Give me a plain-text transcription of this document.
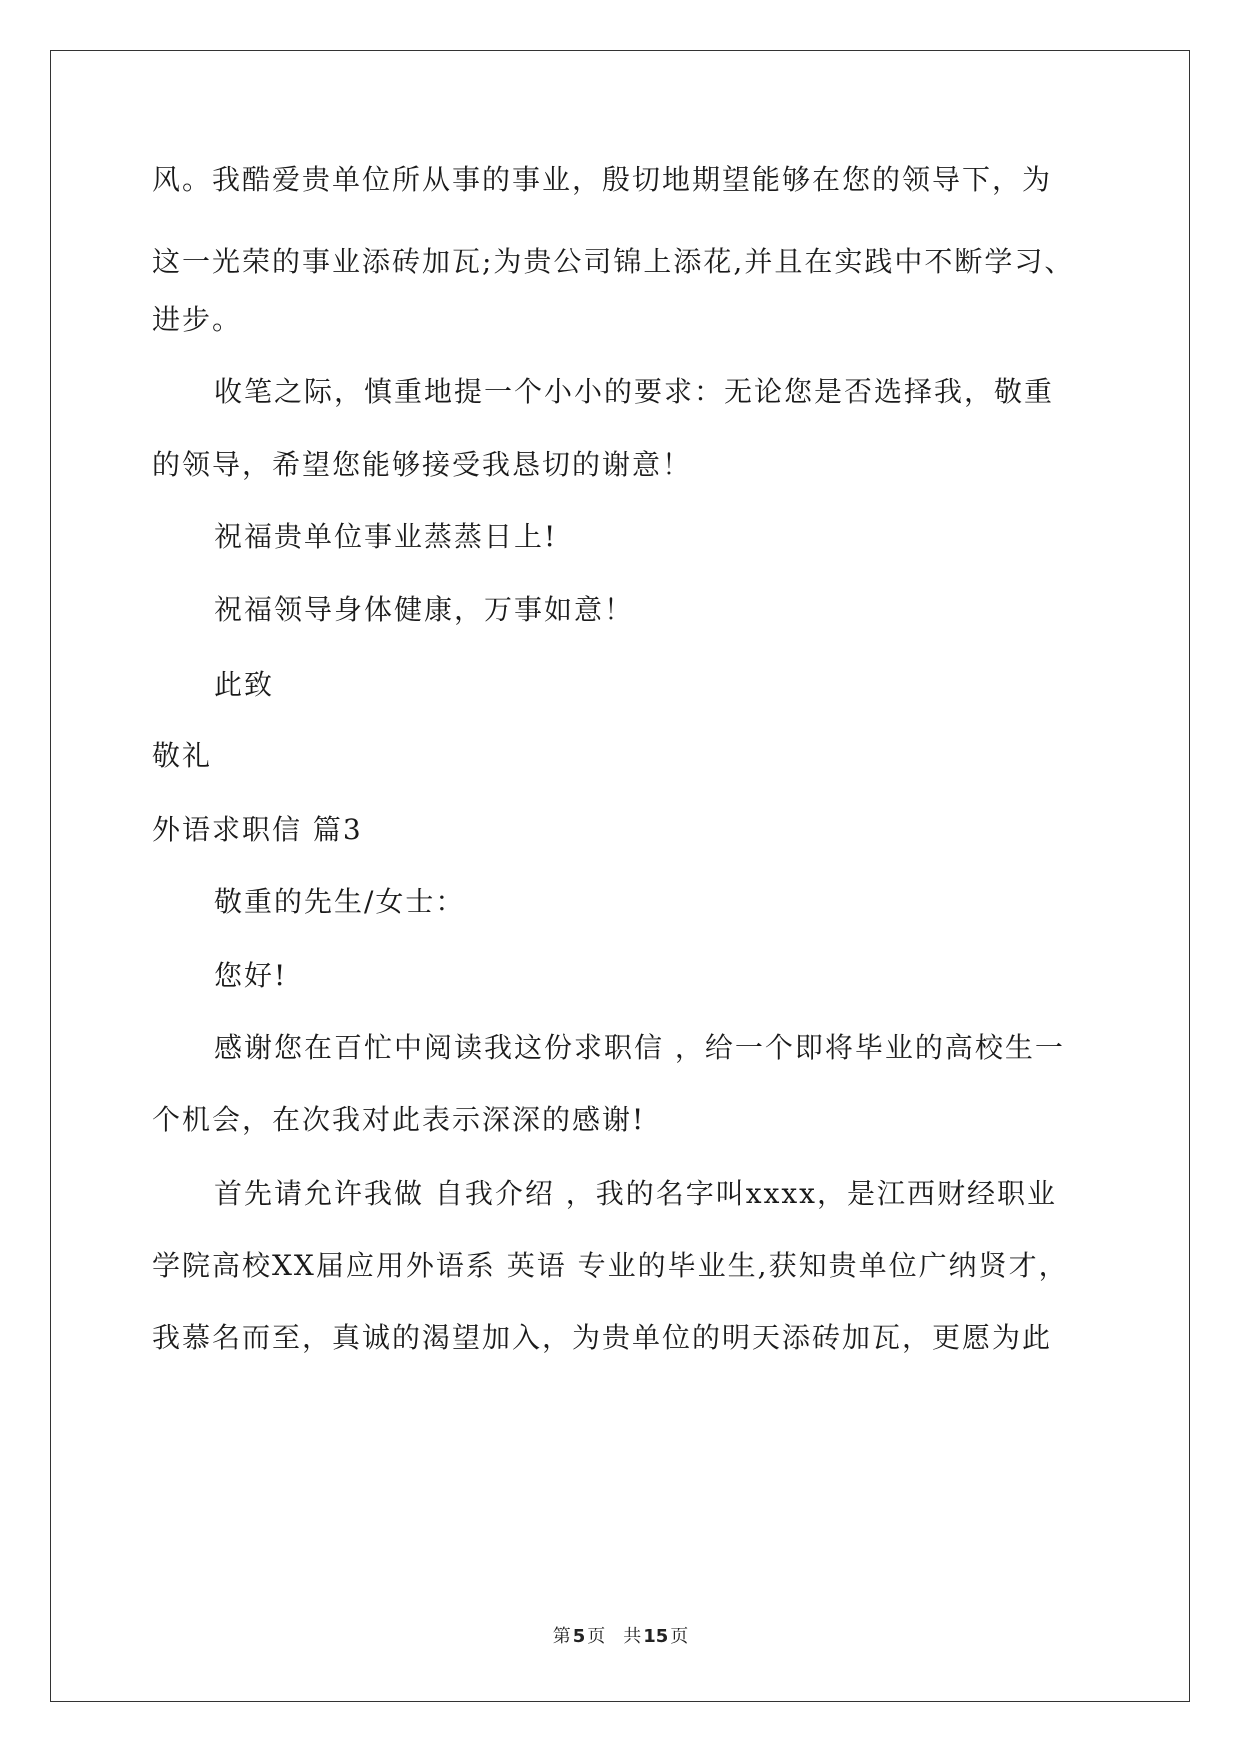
风。我酷爱贵单位所从事的事业，殷切地期望能够在您的领导下，为
这一光荣的事业添砖加瓦;为贵公司锦上添花,并且在实践中不断学习、
进步。
收笔之际，慎重地提一个小小的要求：无论您是否选择我，敬重
的领导，希望您能够接受我恳切的谢意！
祝福贵单位事业蒸蒸日上!
祝福领导身体健康，万事如意！
此致
敬礼
外语求职信 篇3
敬重的先生/女士：
您好!
感谢您在百忙中阅读我这份求职信 ，给一个即将毕业的高校生一
个机会，在次我对此表示深深的感谢!
首先请允许我做 自我介绍 ，我的名字叫xxxx，是江西财经职业
学院高校XX届应用外语系 英语 专业的毕业生,获知贵单位广纳贤才，
我慕名而至，真诚的渴望加入，为贵单位的明天添砖加瓦，更愿为此
第 5 页 共 15 页
